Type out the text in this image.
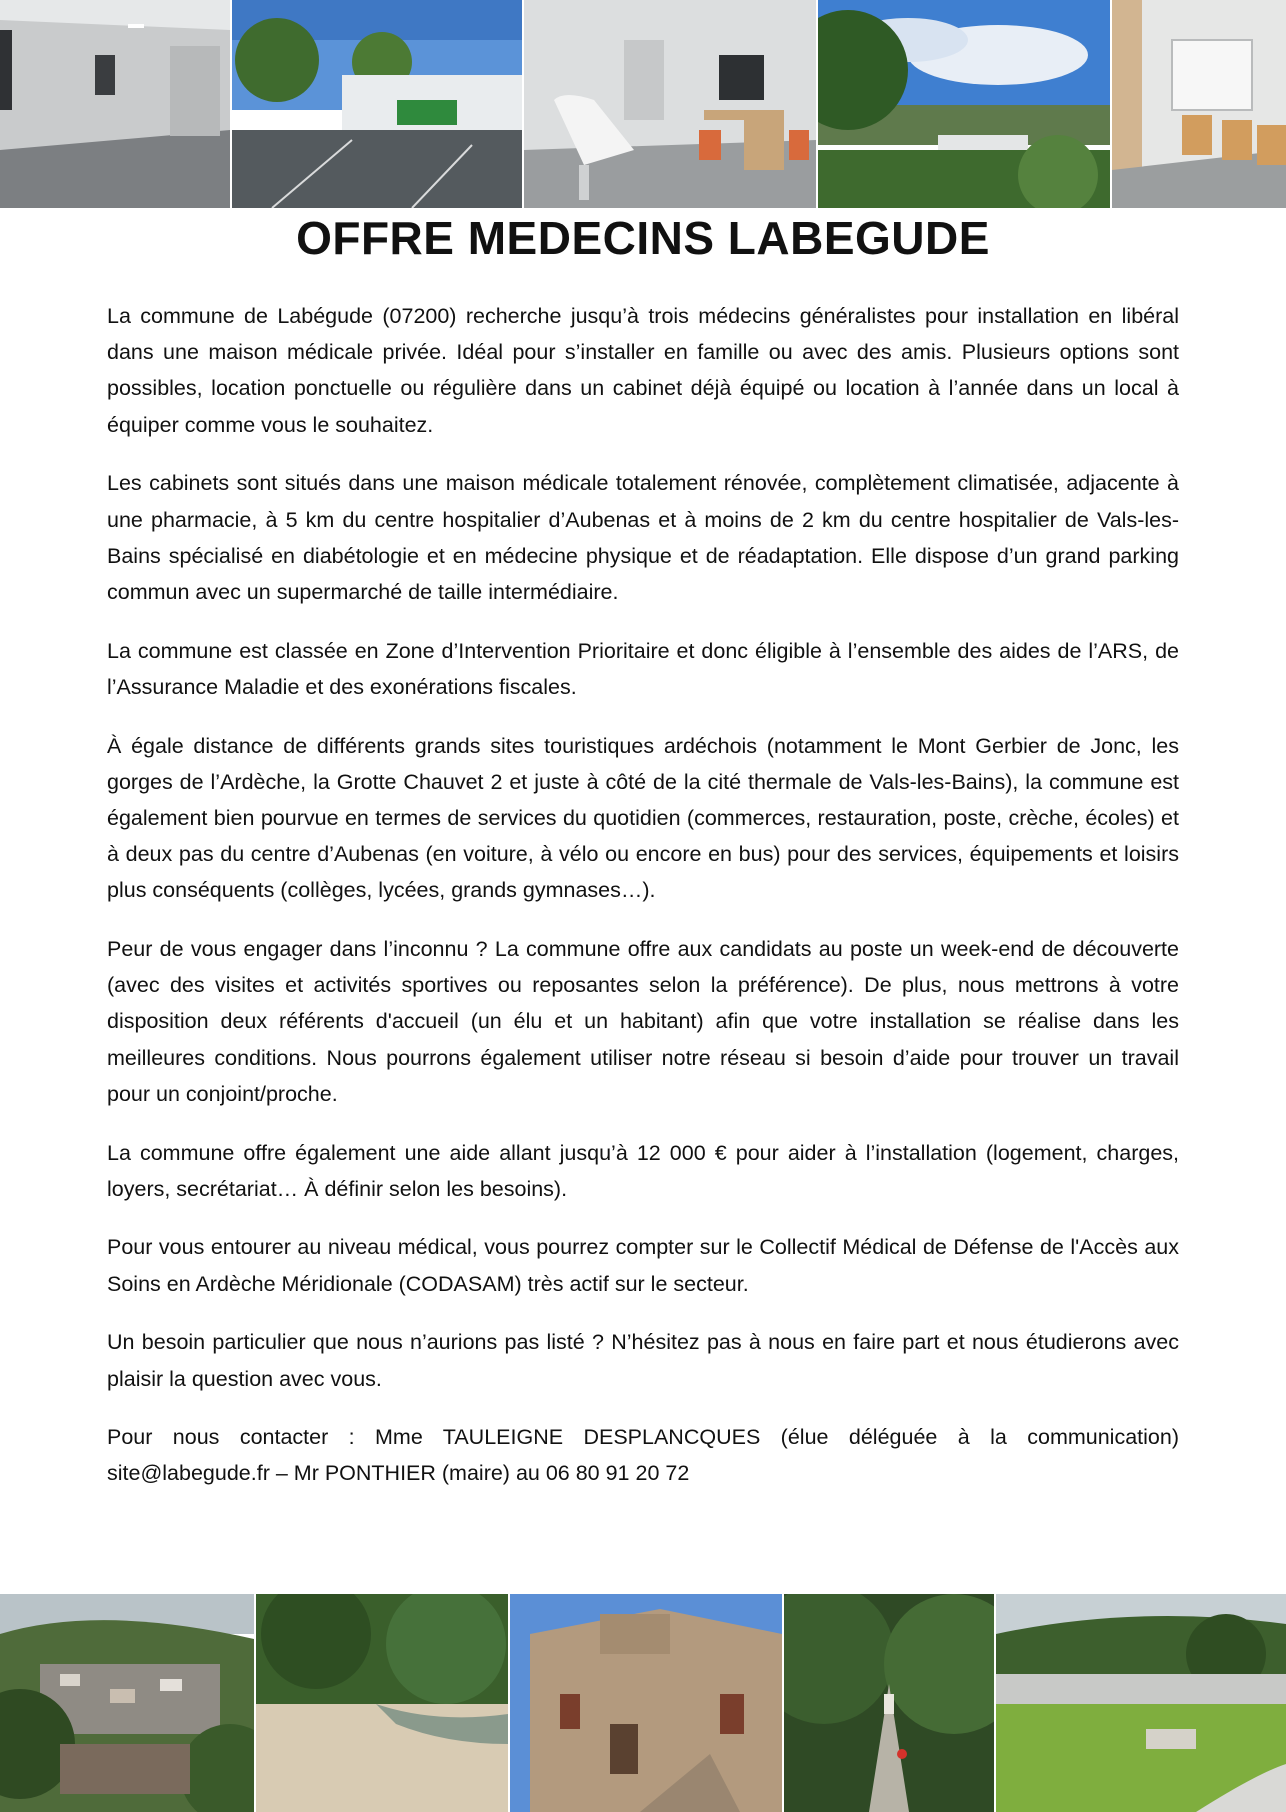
OFFRE MEDECINS LABEGUDE

La commune de Labégude (07200) recherche jusqu’à trois médecins généralistes pour installation en libéral dans une maison médicale privée. Idéal pour s’installer en famille ou avec des amis. Plusieurs options sont possibles, location ponctuelle ou régulière dans un cabinet déjà équipé ou location à l’année dans un local à équiper comme vous le souhaitez.

Les cabinets sont situés dans une maison médicale totalement rénovée, complètement climatisée, adjacente à une pharmacie, à 5 km du centre hospitalier d’Aubenas et à moins de 2 km du centre hospitalier de Vals-les-Bains spécialisé en diabétologie et en médecine physique et de réadaptation. Elle dispose d’un grand parking commun avec un supermarché de taille intermédiaire.

La commune est classée en Zone d’Intervention Prioritaire et donc éligible à l’ensemble des aides de l’ARS, de l’Assurance Maladie et des exonérations fiscales.

À égale distance de différents grands sites touristiques ardéchois (notamment le Mont Gerbier de Jonc, les gorges de l’Ardèche, la Grotte Chauvet 2 et juste à côté de la cité thermale de Vals-les-Bains), la commune est également bien pourvue en termes de services du quotidien (commerces, restauration, poste, crèche, écoles) et à deux pas du centre d’Aubenas (en voiture, à vélo ou encore en bus) pour des services, équipements et loisirs plus conséquents (collèges, lycées, grands gymnases…).

Peur de vous engager dans l’inconnu ? La commune offre aux candidats au poste un week-end de découverte (avec des visites et activités sportives ou reposantes selon la préférence). De plus, nous mettrons à votre disposition deux référents d'accueil (un élu et un habitant) afin que votre installation se réalise dans les meilleures conditions. Nous pourrons également utiliser notre réseau si besoin d’aide pour trouver un travail pour un conjoint/proche.

La commune offre également une aide allant jusqu’à 12 000 € pour aider à l’installation (logement, charges, loyers, secrétariat… À définir selon les besoins).

Pour vous entourer au niveau médical, vous pourrez compter sur le Collectif Médical de Défense de l'Accès aux Soins en Ardèche Méridionale (CODASAM) très actif sur le secteur.

Un besoin particulier que nous n’aurions pas listé ? N’hésitez pas à nous en faire part et nous étudierons avec plaisir la question avec vous.

Pour nous contacter : Mme TAULEIGNE DESPLANCQUES (élue déléguée à la communication) site@labegude.fr – Mr PONTHIER (maire) au 06 80 91 20 72
